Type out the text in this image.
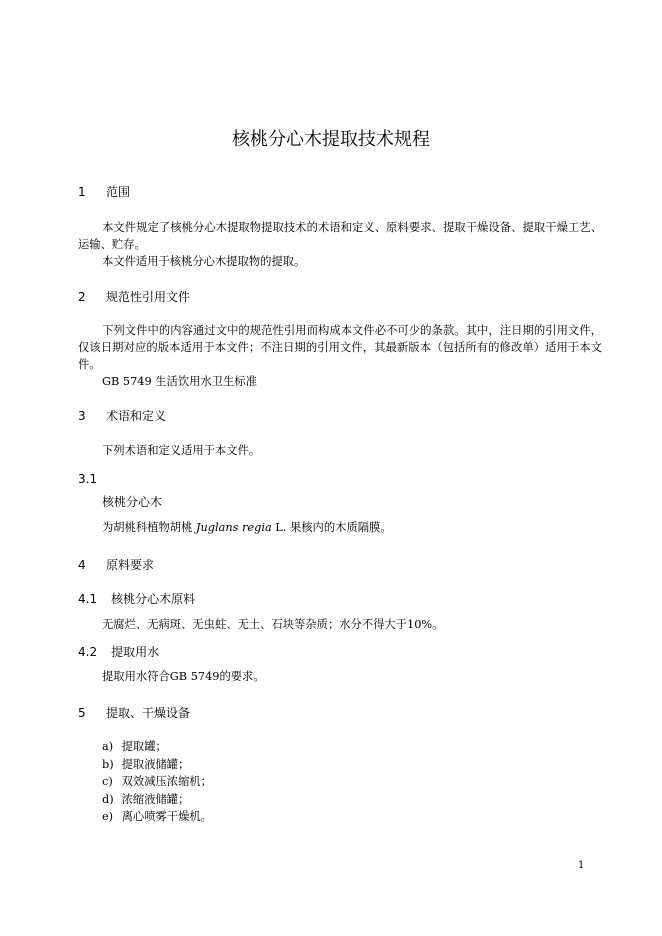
核桃分心木提取技术规程
1 范围
本文件规定了核桃分心木提取物提取技术的术语和定义、原料要求、提取干燥设备、提取干燥工艺、运输、贮存。
本文件适用于核桃分心木提取物的提取。
2 规范性引用文件
下列文件中的内容通过文中的规范性引用而构成本文件必不可少的条款。其中，注日期的引用文件，仅该日期对应的版本适用于本文件；不注日期的引用文件，其最新版本（包括所有的修改单）适用于本文件。
GB 5749 生活饮用水卫生标准
3 术语和定义
下列术语和定义适用于本文件。
3.1
核桃分心木
为胡桃科植物胡桃 Juglans regia L. 果核内的木质隔膜。
4 原料要求
4.1 核桃分心木原料
无腐烂、无病斑、无虫蛀、无土、石块等杂质；水分不得大于10%。
4.2 提取用水
提取用水符合GB 5749的要求。
5 提取、干燥设备
a) 提取罐；
b) 提取液储罐；
c) 双效减压浓缩机；
d) 浓缩液储罐；
e) 离心喷雾干燥机。
1
